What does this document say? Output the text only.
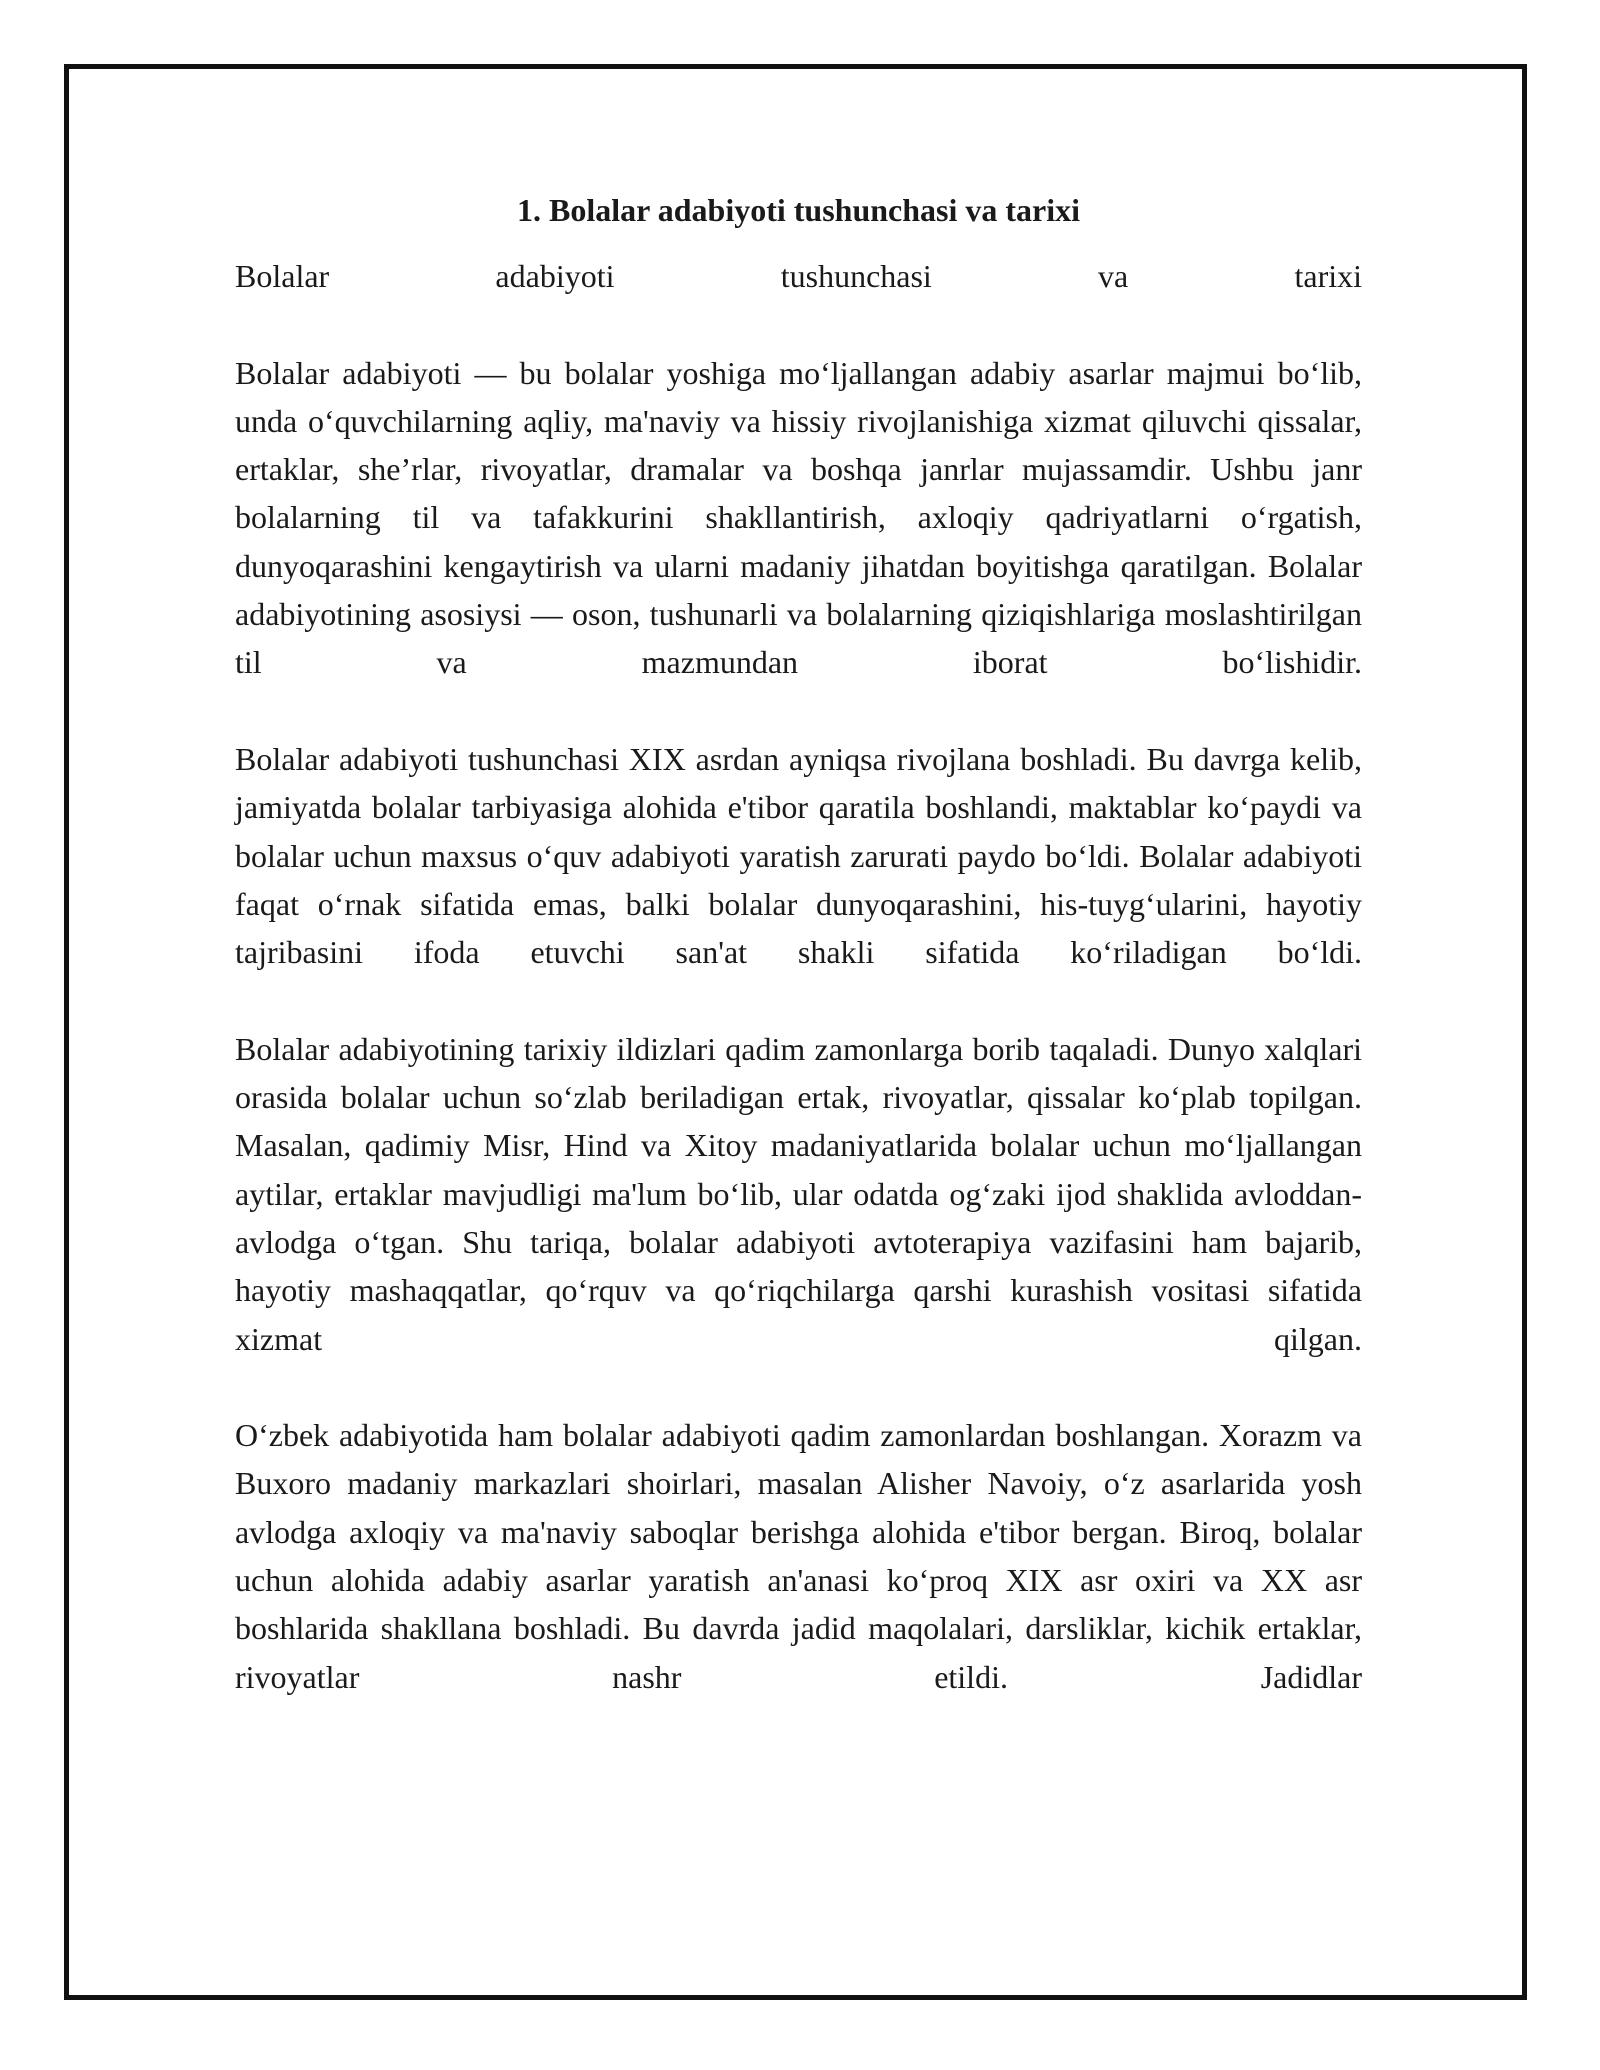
1. Bolalar adabiyoti tushunchasi va tarixi

Bolalar adabiyoti tushunchasi va tarixi

Bolalar adabiyoti — bu bolalar yoshiga mo‘ljallangan adabiy asarlar majmui bo‘lib, unda o‘quvchilarning aqliy, ma'naviy va hissiy rivojlanishiga xizmat qiluvchi qissalar, ertaklar, she’rlar, rivoyatlar, dramalar va boshqa janrlar mujassamdir. Ushbu janr bolalarning til va tafakkurini shakllantirish, axloqiy qadriyatlarni o‘rgatish, dunyoqarashini kengaytirish va ularni madaniy jihatdan boyitishga qaratilgan. Bolalar adabiyotining asosiysi — oson, tushunarli va bolalarning qiziqishlariga moslashtirilgan til va mazmundan iborat bo‘lishidir.

Bolalar adabiyoti tushunchasi XIX asrdan ayniqsa rivojlana boshladi. Bu davrga kelib, jamiyatda bolalar tarbiyasiga alohida e'tibor qaratila boshlandi, maktablar ko‘paydi va bolalar uchun maxsus o‘quv adabiyoti yaratish zarurati paydo bo‘ldi. Bolalar adabiyoti faqat o‘rnak sifatida emas, balki bolalar dunyoqarashini, his-tuyg‘ularini, hayotiy tajribasini ifoda etuvchi san'at shakli sifatida ko‘riladigan bo‘ldi.

Bolalar adabiyotining tarixiy ildizlari qadim zamonlarga borib taqaladi. Dunyo xalqlari orasida bolalar uchun so‘zlab beriladigan ertak, rivoyatlar, qissalar ko‘plab topilgan. Masalan, qadimiy Misr, Hind va Xitoy madaniyatlarida bolalar uchun mo‘ljallangan aytilar, ertaklar mavjudligi ma'lum bo‘lib, ular odatda og‘zaki ijod shaklida avloddan-avlodga o‘tgan. Shu tariqa, bolalar adabiyoti avtoterapiya vazifasini ham bajarib, hayotiy mashaqqatlar, qo‘rquv va qo‘riqchilarga qarshi kurashish vositasi sifatida xizmat qilgan.

O‘zbek adabiyotida ham bolalar adabiyoti qadim zamonlardan boshlangan. Xorazm va Buxoro madaniy markazlari shoirlari, masalan Alisher Navoiy, o‘z asarlarida yosh avlodga axloqiy va ma'naviy saboqlar berishga alohida e'tibor bergan. Biroq, bolalar uchun alohida adabiy asarlar yaratish an'anasi ko‘proq XIX asr oxiri va XX asr boshlarida shakllana boshladi. Bu davrda jadid maqolalari, darsliklar, kichik ertaklar, rivoyatlar nashr etildi. Jadidlar
